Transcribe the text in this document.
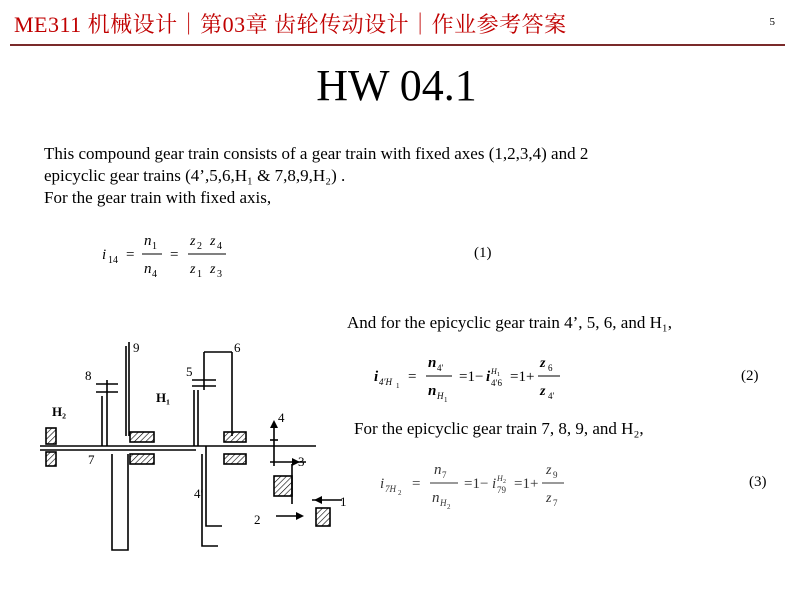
ME311 机械设计｜第03章 齿轮传动设计｜作业参考答案	5
HW 04.1
This compound gear train consists of a gear train with fixed axes (1,2,3,4) and 2
epicyclic gear trains (4’,5,6,H₁ & 7,8,9,H₂) .
For the gear train with fixed axis,
i 14 =
n 1
n 4
=
z 2 z 4
z 1 z 3
(1)
And for the epicyclic gear train 4’, 5, 6, and H₁,
i 4′H 1
=
n 4′
n H 1
=1− i H 1
4′6 =1+
z 6
z 4′
(2)
For the epicyclic gear train 7, 8, 9, and H₂,
i 7H 2
=
n 7
n H 2
=1− i H 2
79 =1+
z 9
z 7
(3)
9
8
H₂
7
5
6
H₁
4′
4
3
2
1
